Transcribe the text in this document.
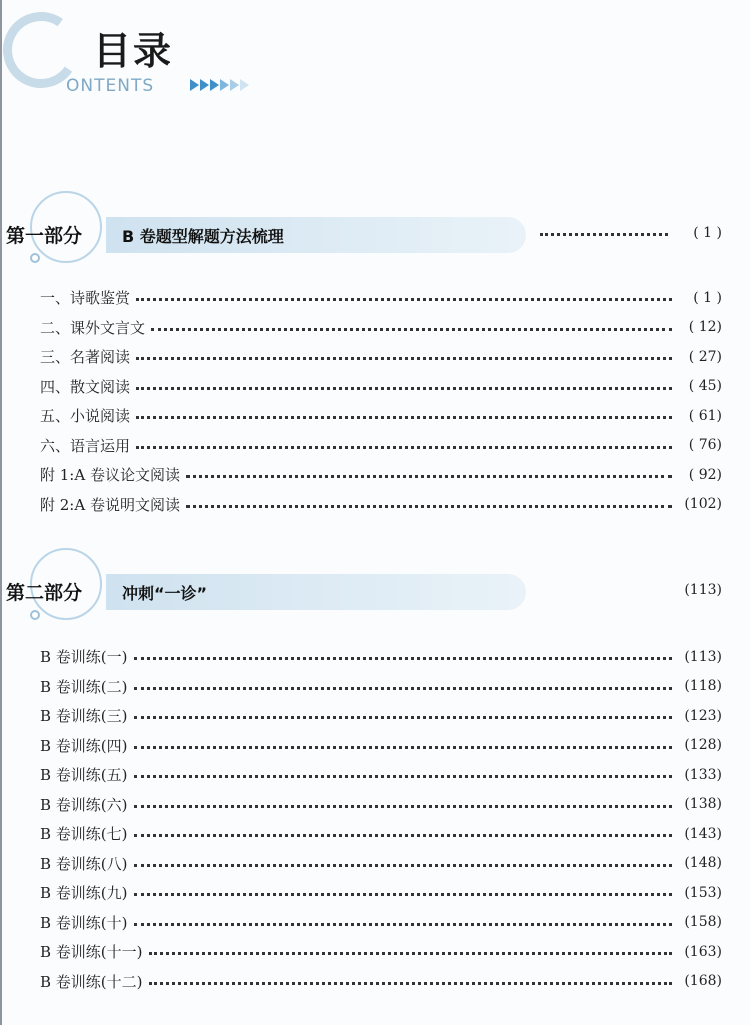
目录
ONTENTS
第一部分 B 卷题型解题方法梳理	( 1 )
一、诗歌鉴赏	( 1 )
二、课外文言文	( 12)
三、名著阅读	( 27)
四、散文阅读	( 45)
五、小说阅读	( 61)
六、语言运用	( 76)
附 1:A 卷议论文阅读	( 92)
附 2:A 卷说明文阅读	(102)
第二部分 冲刺“一诊”	(113)
B 卷训练(一)	(113)
B 卷训练(二)	(118)
B 卷训练(三)	(123)
B 卷训练(四)	(128)
B 卷训练(五)	(133)
B 卷训练(六)	(138)
B 卷训练(七)	(143)
B 卷训练(八)	(148)
B 卷训练(九)	(153)
B 卷训练(十)	(158)
B 卷训练(十一)	(163)
B 卷训练(十二)	(168)
